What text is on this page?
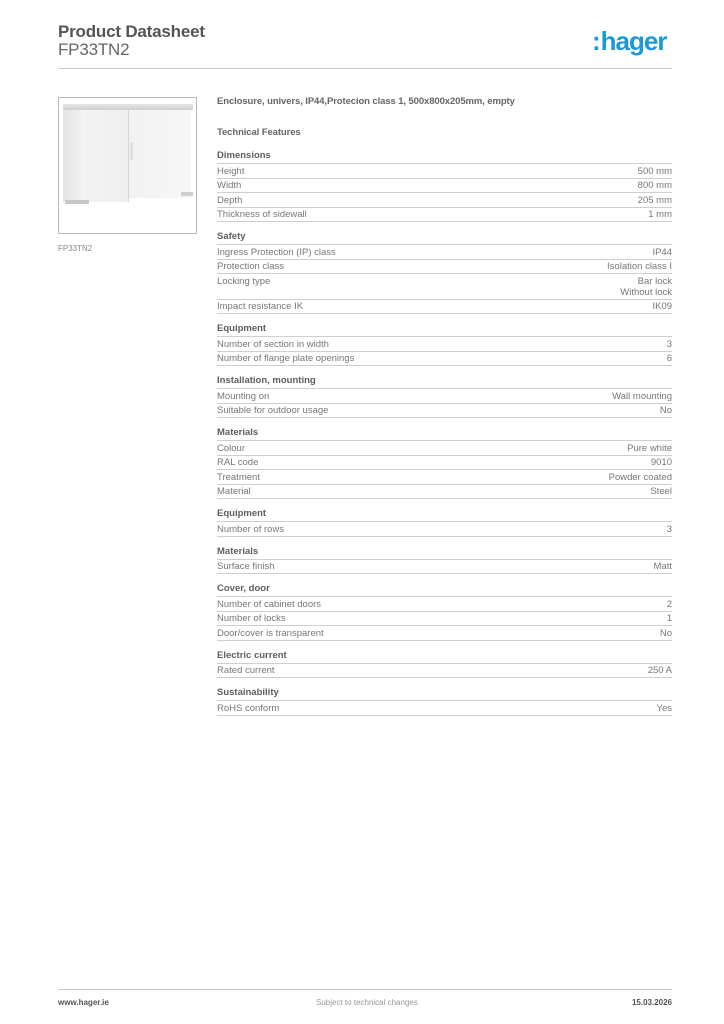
Product Datasheet
FP33TN2	:hager
FP33TN2
Enclosure, univers, IP44,Protecion class 1, 500x800x205mm, empty
Technical Features
Dimensions
Height	500 mm
Width	800 mm
Depth	205 mm
Thickness of sidewall	1 mm
Safety
Ingress Protection (IP) class	IP44
Protection class	Isolation class I
Locking type	Bar lock
Without lock
Impact resistance IK	IK09
Equipment
Number of section in width	3
Number of flange plate openings	6
Installation, mounting
Mounting on	Wall mounting
Suitable for outdoor usage	No
Materials
Colour	Pure white
RAL code	9010
Treatment	Powder coated
Material	Steel
Equipment
Number of rows	3
Materials
Surface finish	Matt
Cover, door
Number of cabinet doors	2
Number of locks	1
Door/cover is transparent	No
Electric current
Rated current	250 A
Sustainability
RoHS conform	Yes
www.hager.ie	Subject to technical changes	15.03.2026
